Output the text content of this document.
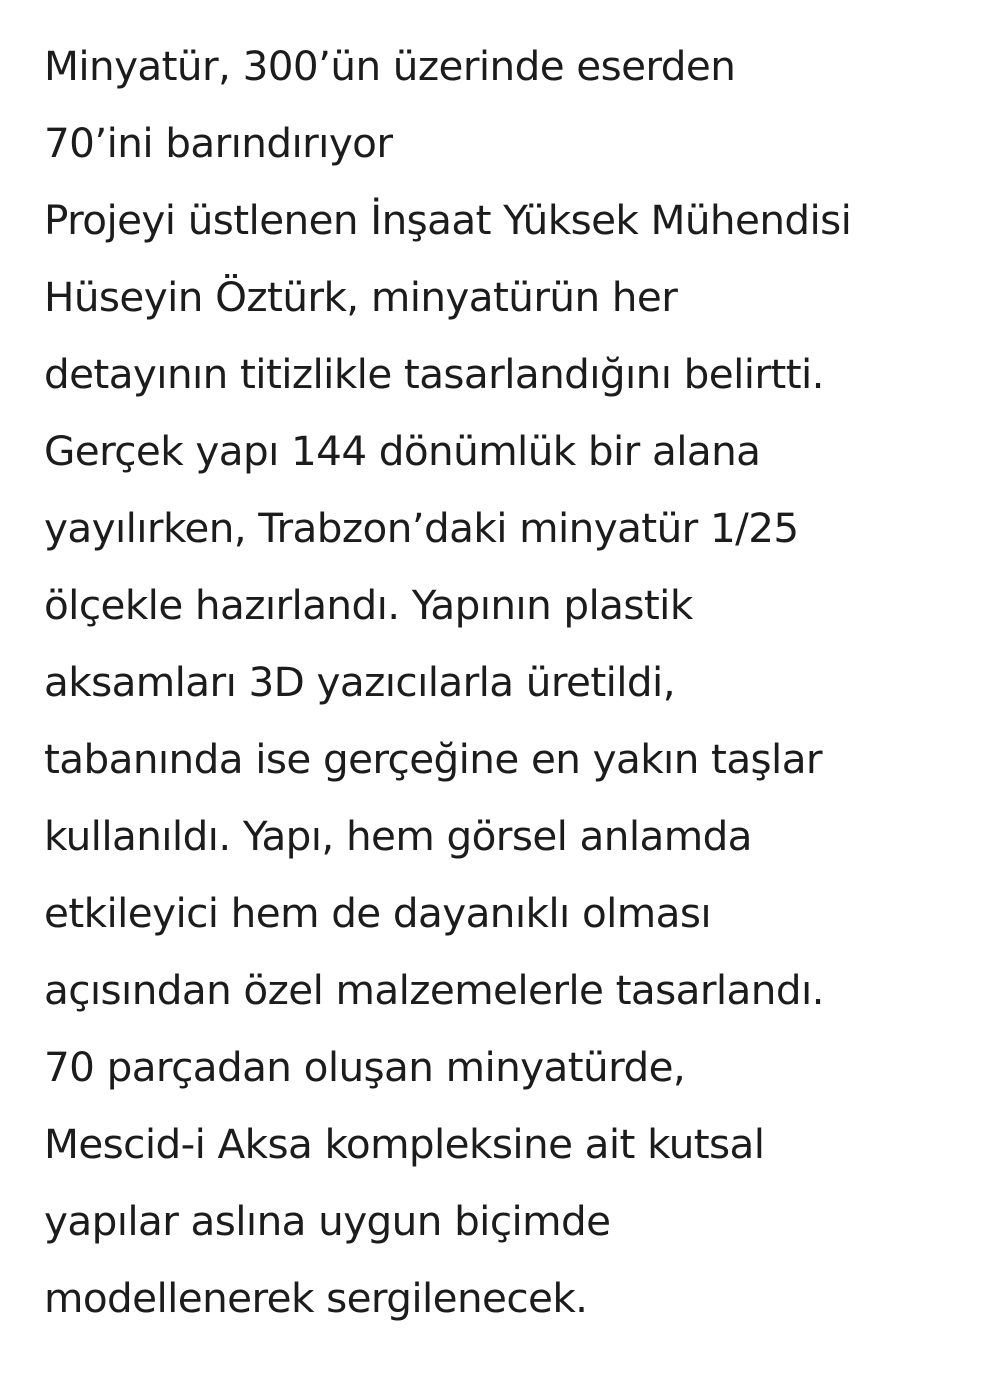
Minyatür, 300’ün üzerinde eserden
70’ini barındırıyor

Projeyi üstlenen İnşaat Yüksek Mühendisi
Hüseyin Öztürk, minyatürün her
detayının titizlikle tasarlandığını belirtti.
Gerçek yapı 144 dönümlük bir alana
yayılırken, Trabzon’daki minyatür 1/25
ölçekle hazırlandı. Yapının plastik
aksamları 3D yazıcılarla üretildi,
tabanında ise gerçeğine en yakın taşlar
kullanıldı. Yapı, hem görsel anlamda
etkileyici hem de dayanıklı olması
açısından özel malzemelerle tasarlandı.
70 parçadan oluşan minyatürde,
Mescid-i Aksa kompleksine ait kutsal
yapılar aslına uygun biçimde
modellenerek sergilenecek.
